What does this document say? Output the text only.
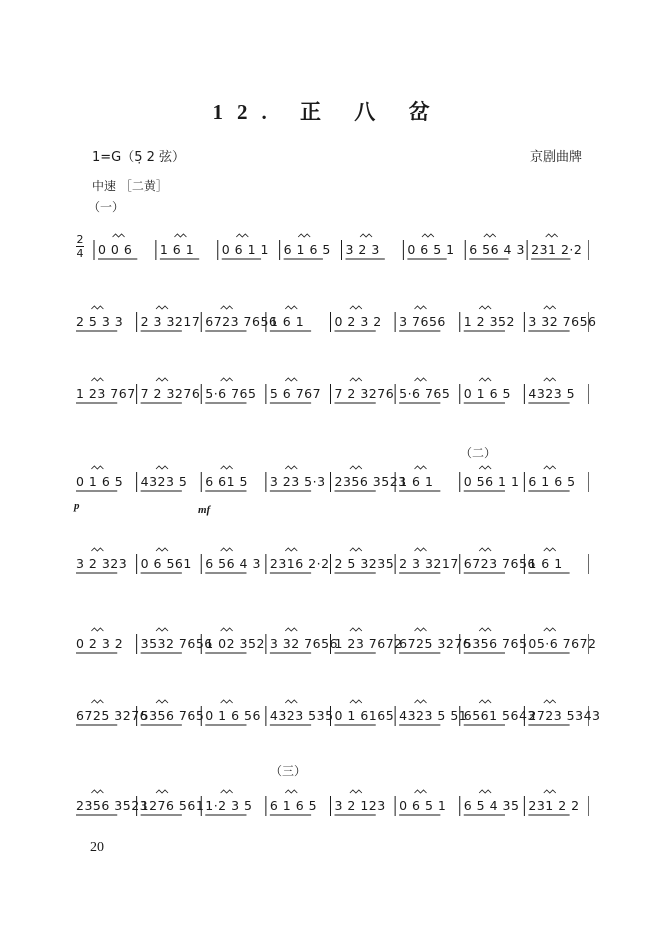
12. 正 八 岔
1=G（5̣ 2 弦）	京剧曲牌
中速 ［二黄］
（一）
（二）
（三）
p	mf
2
4 0 0 6 1 6 1 0 6 1 1 6 1 6 5 3 2 3 0 6 5 1 6 56 4 3 231 2·2
2 5 3 3 2 3 3217 6723 7656
1 6 1 0 2 3 2 3 7656 1 2 352 3 32 7656
1 23 767 7 2 3276 5·6 765 5 6 767 7 2 3276 5·6 765 0 1 6 5 4323 5
0 1 6 5 4323 5 6 61 5 3 23 5·3 2356 3523
1 6 1 0 56 1 1 6 1 6 5
3 2 323 0 6 561 6 56 4 3 2316 2·2 2 5 3235 2 3 3217 6723 7656
1 6 1
0 2 3 2 3532 7656
1 02 352 3 32 7656
1 23 7672
6725 3276
5356 765 05·6 7672
6725 3276
5356 765 0 1 6 56 4323 535 0 1 6165 4323 5 51
6561 5643
2723 5343
2356 3523
1276 561 1·2 3 5 6 1 6 5 3 2 123 0 6 5 1 6 5 4 35 231 2 2
20
